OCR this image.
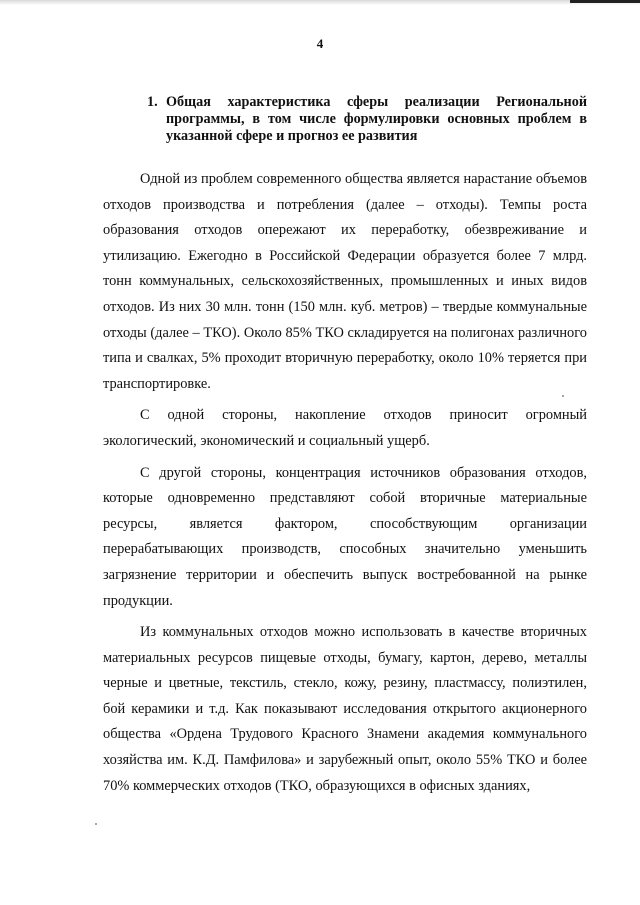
4
1. Общая характеристика сферы реализации Региональной программы, в том числе формулировки основных проблем в указанной сфере и прогноз ее развития

Одной из проблем современного общества является нарастание объемов отходов производства и потребления (далее – отходы). Темпы роста образования отходов опережают их переработку, обезвреживание и утилизацию. Ежегодно в Российской Федерации образуется более 7 млрд. тонн коммунальных, сельскохозяйственных, промышленных и иных видов отходов. Из них 30 млн. тонн (150 млн. куб. метров) – твердые коммунальные отходы (далее – ТКО). Около 85% ТКО складируется на полигонах различного типа и свалках, 5% проходит вторичную переработку, около 10% теряется при транспортировке.

С одной стороны, накопление отходов приносит огромный экологический, экономический и социальный ущерб.

С другой стороны, концентрация источников образования отходов, которые одновременно представляют собой вторичные материальные ресурсы, является фактором, способствующим организации перерабатывающих производств, способных значительно уменьшить загрязнение территории и обеспечить выпуск востребованной на рынке продукции.

Из коммунальных отходов можно использовать в качестве вторичных материальных ресурсов пищевые отходы, бумагу, картон, дерево, металлы черные и цветные, текстиль, стекло, кожу, резину, пластмассу, полиэтилен, бой керамики и т.д. Как показывают исследования открытого акционерного общества «Ордена Трудового Красного Знамени академия коммунального хозяйства им. К.Д. Памфилова» и зарубежный опыт, около 55% ТКО и более 70% коммерческих отходов (ТКО, образующихся в офисных зданиях,
